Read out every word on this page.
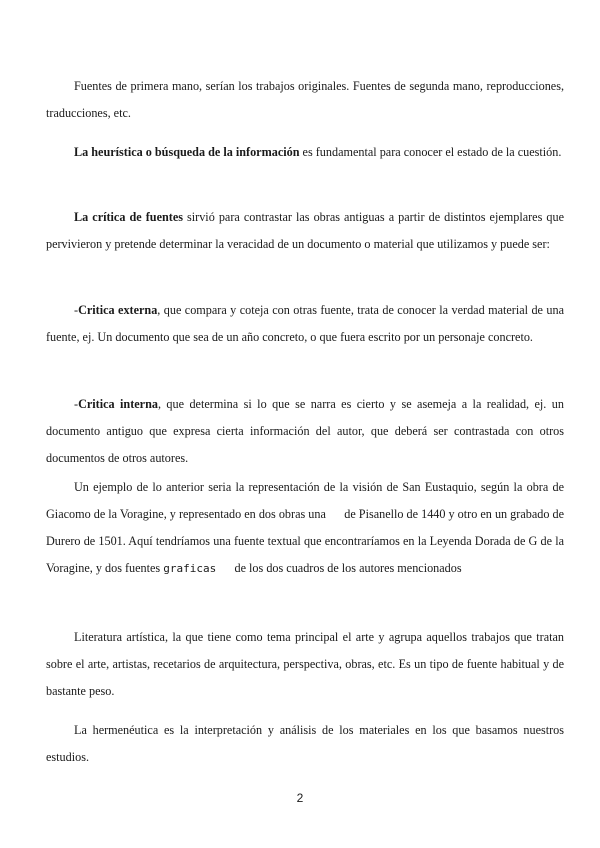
Fuentes de primera mano, serían los trabajos originales. Fuentes de segunda mano, reproducciones, traducciones, etc.

La heurística o búsqueda de la información es fundamental para conocer el estado de la cuestión.

La crítica de fuentes sirvió para contrastar las obras antiguas a partir de distintos ejemplares que pervivieron y pretende determinar la veracidad de un documento o material que utilizamos y puede ser:

-Critica externa, que compara y coteja con otras fuente, trata de conocer la verdad material de una fuente, ej. Un documento que sea de un año concreto, o que fuera escrito por un personaje concreto.

-Critica interna, que determina si lo que se narra es cierto y se asemeja a la realidad, ej. un documento antiguo que expresa cierta información del autor, que deberá ser contrastada con otros documentos de otros autores.

Un ejemplo de lo anterior seria la representación de la visión de San Eustaquio, según la obra de Giacomo de la Voragine, y representado en dos obras una      de Pisanello de 1440 y otro en un grabado de Durero de 1501. Aquí tendríamos una fuente textual que encontraríamos en la Leyenda Dorada de G de la Voragine, y dos fuentes graficas      de los dos cuadros de los autores mencionados

Literatura artística, la que tiene como tema principal el arte y agrupa aquellos trabajos que tratan sobre el arte, artistas, recetarios de arquitectura, perspectiva, obras, etc. Es un tipo de fuente habitual y de bastante peso.

La hermenéutica es la interpretación y análisis de los materiales en los que basamos nuestros estudios.

2
